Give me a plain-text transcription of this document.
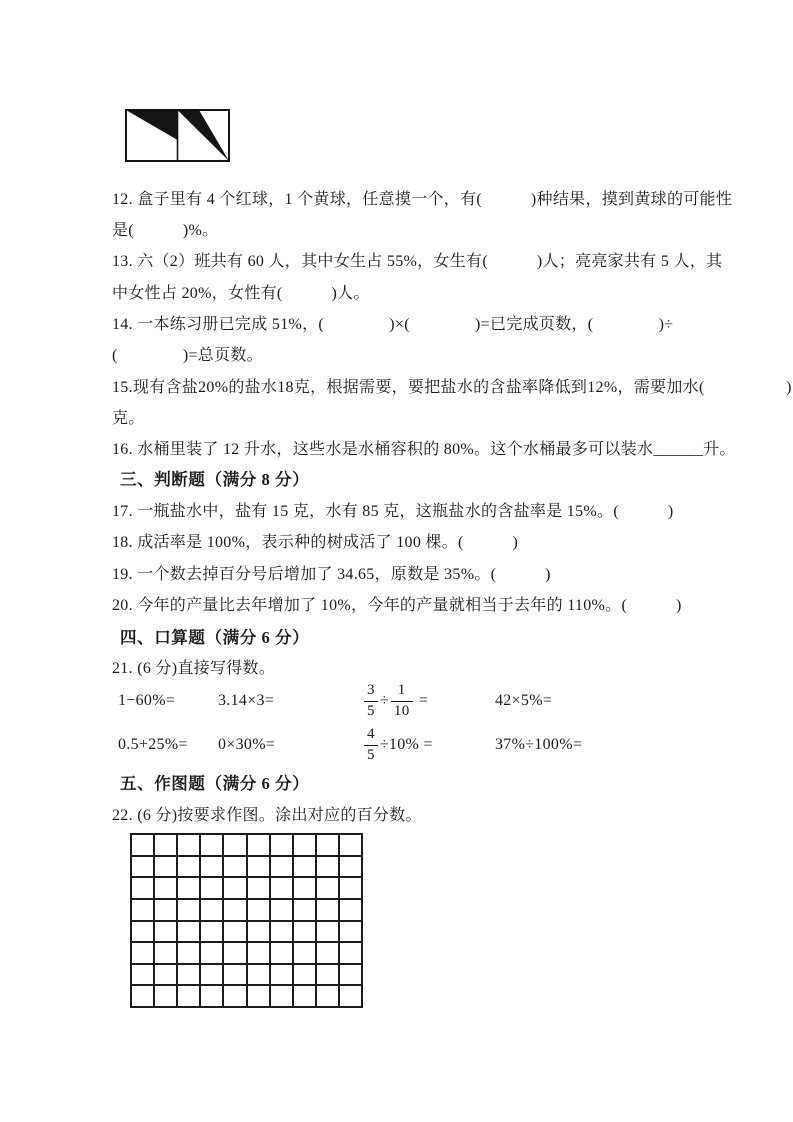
12. 盒子里有 4 个红球，1 个黄球，任意摸一个，有(　　　)种结果，摸到黄球的可能性
是(　　　)%。
13. 六（2）班共有 60 人，其中女生占 55%，女生有(　　　)人；亮亮家共有 5 人，其
中女性占 20%，女性有(　　　)人。
14. 一本练习册已完成 51%，(　　　　)×(　　　　)=已完成页数，(　　　　)÷
(　　　　)=总页数。
15.现有含盐20%的盐水18克，根据需要，要把盐水的含盐率降低到12%，需要加水(　　　　　)
克。
16. 水桶里装了 12 升水，这些水是水桶容积的 80%。这个水桶最多可以装水______升。
三、判断题（满分 8 分）
17. 一瓶盐水中，盐有 15 克，水有 85 克，这瓶盐水的含盐率是 15%。(　　　)
18. 成活率是 100%，表示种的树成活了 100 棵。(　　　)
19. 一个数去掉百分号后增加了 34.65，原数是 35%。(　　　)
20. 今年的产量比去年增加了 10%，今年的产量就相当于去年的 110%。(　　　)
四、口算题（满分 6 分）
21. (6 分)直接写得数。
1−60%=	3.14×3=	$\frac{3}{5} \div \frac{1}{10}$ =	42×5%=
0.5+25%= 0×30%=	$\frac{4}{5} \div 10\%$ =	37%÷100%=
五、作图题（满分 6 分）
22. (6 分)按要求作图。涂出对应的百分数。
